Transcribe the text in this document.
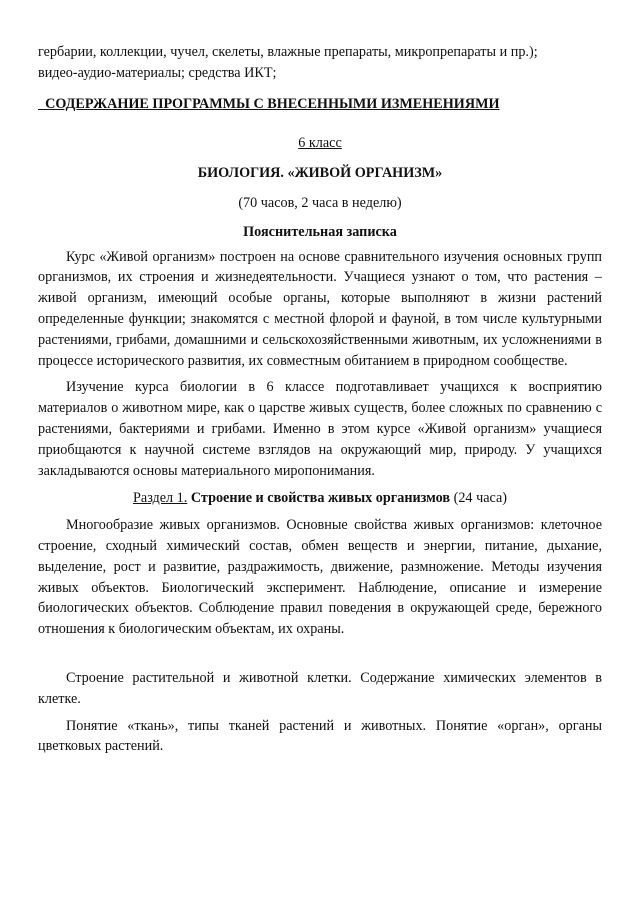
гербарии, коллекции, чучел, скелеты, влажные препараты, микропрепараты и пр.);

видео-аудио-материалы; средства ИКТ;

СОДЕРЖАНИЕ ПРОГРАММЫ С ВНЕСЕННЫМИ ИЗМЕНЕНИЯМИ

6 класс

БИОЛОГИЯ. «ЖИВОЙ ОРГАНИЗМ»

(70 часов, 2 часа в неделю)

Пояснительная записка

Курс «Живой организм» построен на основе сравнительного изучения основных групп организмов, их строения и жизнедеятельности. Учащиеся узнают о том, что растения – живой организм, имеющий особые органы, которые выполняют в жизни растений определенные функции; знакомятся с местной флорой и фауной, в том числе культурными растениями, грибами, домашними и сельскохозяйственными животным, их усложнениями в процессе исторического развития, их совместным обитанием в природном сообществе.

Изучение курса биологии в 6 классе подготавливает учащихся к восприятию материалов о животном мире, как о царстве живых существ, более сложных по сравнению с растениями, бактериями и грибами. Именно в этом курсе «Живой организм» учащиеся приобщаются к научной системе взглядов на окружающий мир, природу. У учащихся закладываются основы материального миропонимания.

Раздел 1. Строение и свойства живых организмов (24 часа)

Многообразие живых организмов. Основные свойства живых организмов: клеточное строение, сходный химический состав, обмен веществ и энергии, питание, дыхание, выделение, рост и развитие, раздражимость, движение, размножение. Методы изучения живых объектов. Биологический эксперимент. Наблюдение, описание и измерение биологических объектов. Соблюдение правил поведения в окружающей среде, бережного отношения к биологическим объектам, их охраны.

Строение растительной и животной клетки. Содержание химических элементов в клетке.

Понятие «ткань», типы тканей растений и животных. Понятие «орган», органы цветковых растений.
